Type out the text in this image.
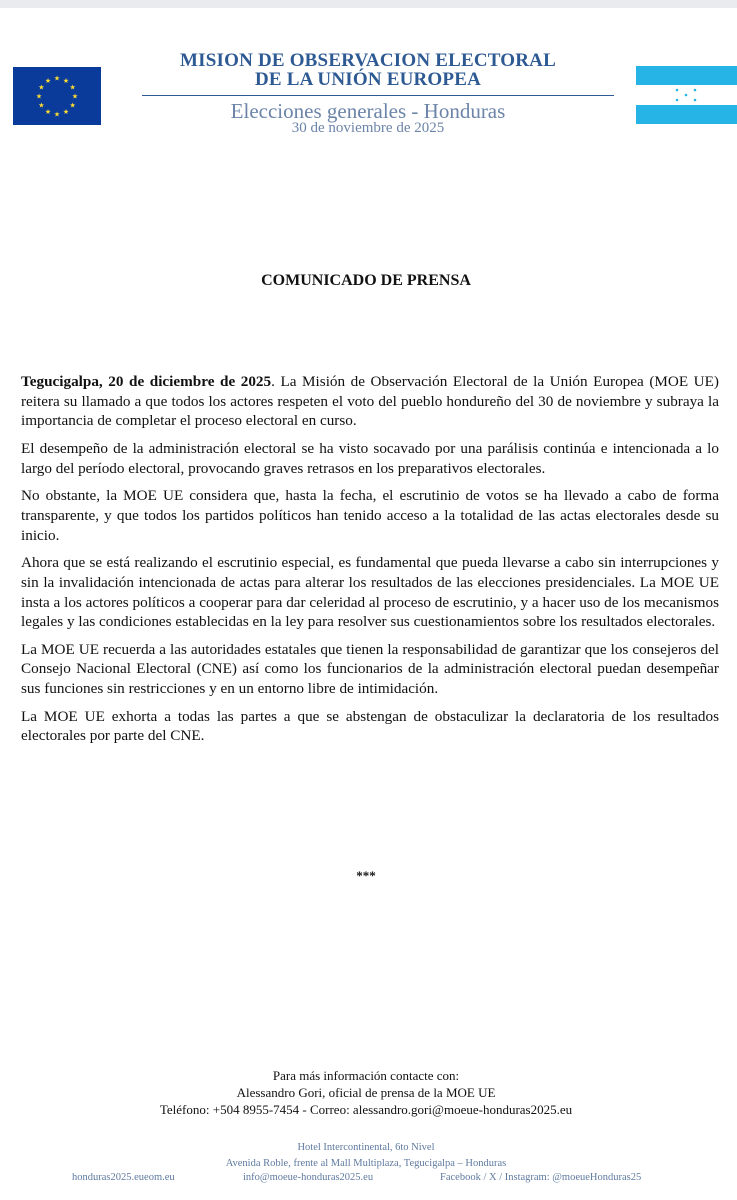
★ ★
★
★
★
★
★
★
★
★
★
★
MISION DE OBSERVACION ELECTORAL
DE LA UNIÓN EUROPEA
Elecciones generales - Honduras
30 de noviembre de 2025
COMUNICADO DE PRENSA

Tegucigalpa, 20 de diciembre de 2025. La Misión de Observación Electoral de la Unión Europea (MOE UE) reitera su llamado a que todos los actores respeten el voto del pueblo hondureño del 30 de noviembre y subraya la importancia de completar el proceso electoral en curso.

El desempeño de la administración electoral se ha visto socavado por una parálisis continúa e intencionada a lo largo del período electoral, provocando graves retrasos en los preparativos electorales.

No obstante, la MOE UE considera que, hasta la fecha, el escrutinio de votos se ha llevado a cabo de forma transparente, y que todos los partidos políticos han tenido acceso a la totalidad de las actas electorales desde su inicio.

Ahora que se está realizando el escrutinio especial, es fundamental que pueda llevarse a cabo sin interrupciones y sin la invalidación intencionada de actas para alterar los resultados de las elecciones presidenciales. La MOE UE insta a los actores políticos a cooperar para dar celeridad al proceso de escrutinio, y a hacer uso de los mecanismos legales y las condiciones establecidas en la ley para resolver sus cuestionamientos sobre los resultados electorales.

La MOE UE recuerda a las autoridades estatales que tienen la responsabilidad de garantizar que los consejeros del Consejo Nacional Electoral (CNE) así como los funcionarios de la administración electoral puedan desempeñar sus funciones sin restricciones y en un entorno libre de intimidación.

La MOE UE exhorta a todas las partes a que se abstengan de obstaculizar la declaratoria de los resultados electorales por parte del CNE.

***
Para más información contacte con:
Alessandro Gori, oficial de prensa de la MOE UE
Teléfono: +504 8955-7454 - Correo: alessandro.gori@moeue-honduras2025.eu
Hotel Intercontinental, 6to Nivel
Avenida Roble, frente al Mall Multiplaza, Tegucigalpa – Honduras
honduras2025.eueom.eu	info@moeue-honduras2025.eu	Facebook / X / Instagram: @moeueHonduras25
